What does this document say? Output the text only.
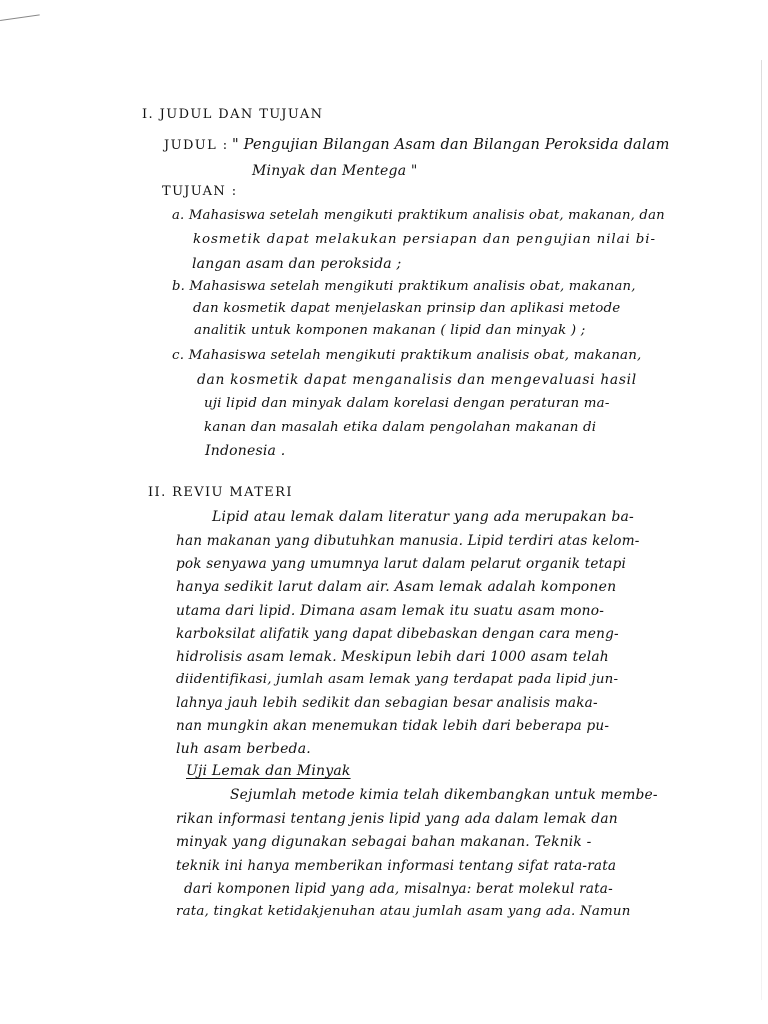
I. JUDUL DAN TUJUAN
JUDUL : " Pengujian Bilangan Asam dan Bilangan Peroksida dalam
Minyak dan Mentega "
TUJUAN :
a. Mahasiswa setelah mengikuti praktikum analisis obat, makanan, dan
kosmetik dapat melakukan persiapan dan pengujian nilai bi-
langan asam dan peroksida ;
b. Mahasiswa setelah mengikuti praktikum analisis obat, makanan,
dan kosmetik dapat menjelaskan prinsip dan aplikasi metode
analitik untuk komponen makanan ( lipid dan minyak ) ;
c. Mahasiswa setelah mengikuti praktikum analisis obat, makanan,
dan kosmetik dapat menganalisis dan mengevaluasi hasil
uji lipid dan minyak dalam korelasi dengan peraturan ma-
kanan dan masalah etika dalam pengolahan makanan di
Indonesia .
II. REVIU MATERI
Lipid atau lemak dalam literatur yang ada merupakan ba-
han makanan yang dibutuhkan manusia. Lipid terdiri atas kelom-
pok senyawa yang umumnya larut dalam pelarut organik tetapi
hanya sedikit larut dalam air. Asam lemak adalah komponen
utama dari lipid. Dimana asam lemak itu suatu asam mono-
karboksilat alifatik yang dapat dibebaskan dengan cara meng-
hidrolisis asam lemak. Meskipun lebih dari 1000 asam telah
diidentifikasi, jumlah asam lemak yang terdapat pada lipid jun-
lahnya jauh lebih sedikit dan sebagian besar analisis maka-
nan mungkin akan menemukan tidak lebih dari beberapa pu-
luh asam berbeda.
Uji Lemak dan Minyak
Sejumlah metode kimia telah dikembangkan untuk membe-
rikan informasi tentang jenis lipid yang ada dalam lemak dan
minyak yang digunakan sebagai bahan makanan. Teknik -
teknik ini hanya memberikan informasi tentang sifat rata-rata
dari komponen lipid yang ada, misalnya: berat molekul rata-
rata, tingkat ketidakjenuhan atau jumlah asam yang ada. Namun
